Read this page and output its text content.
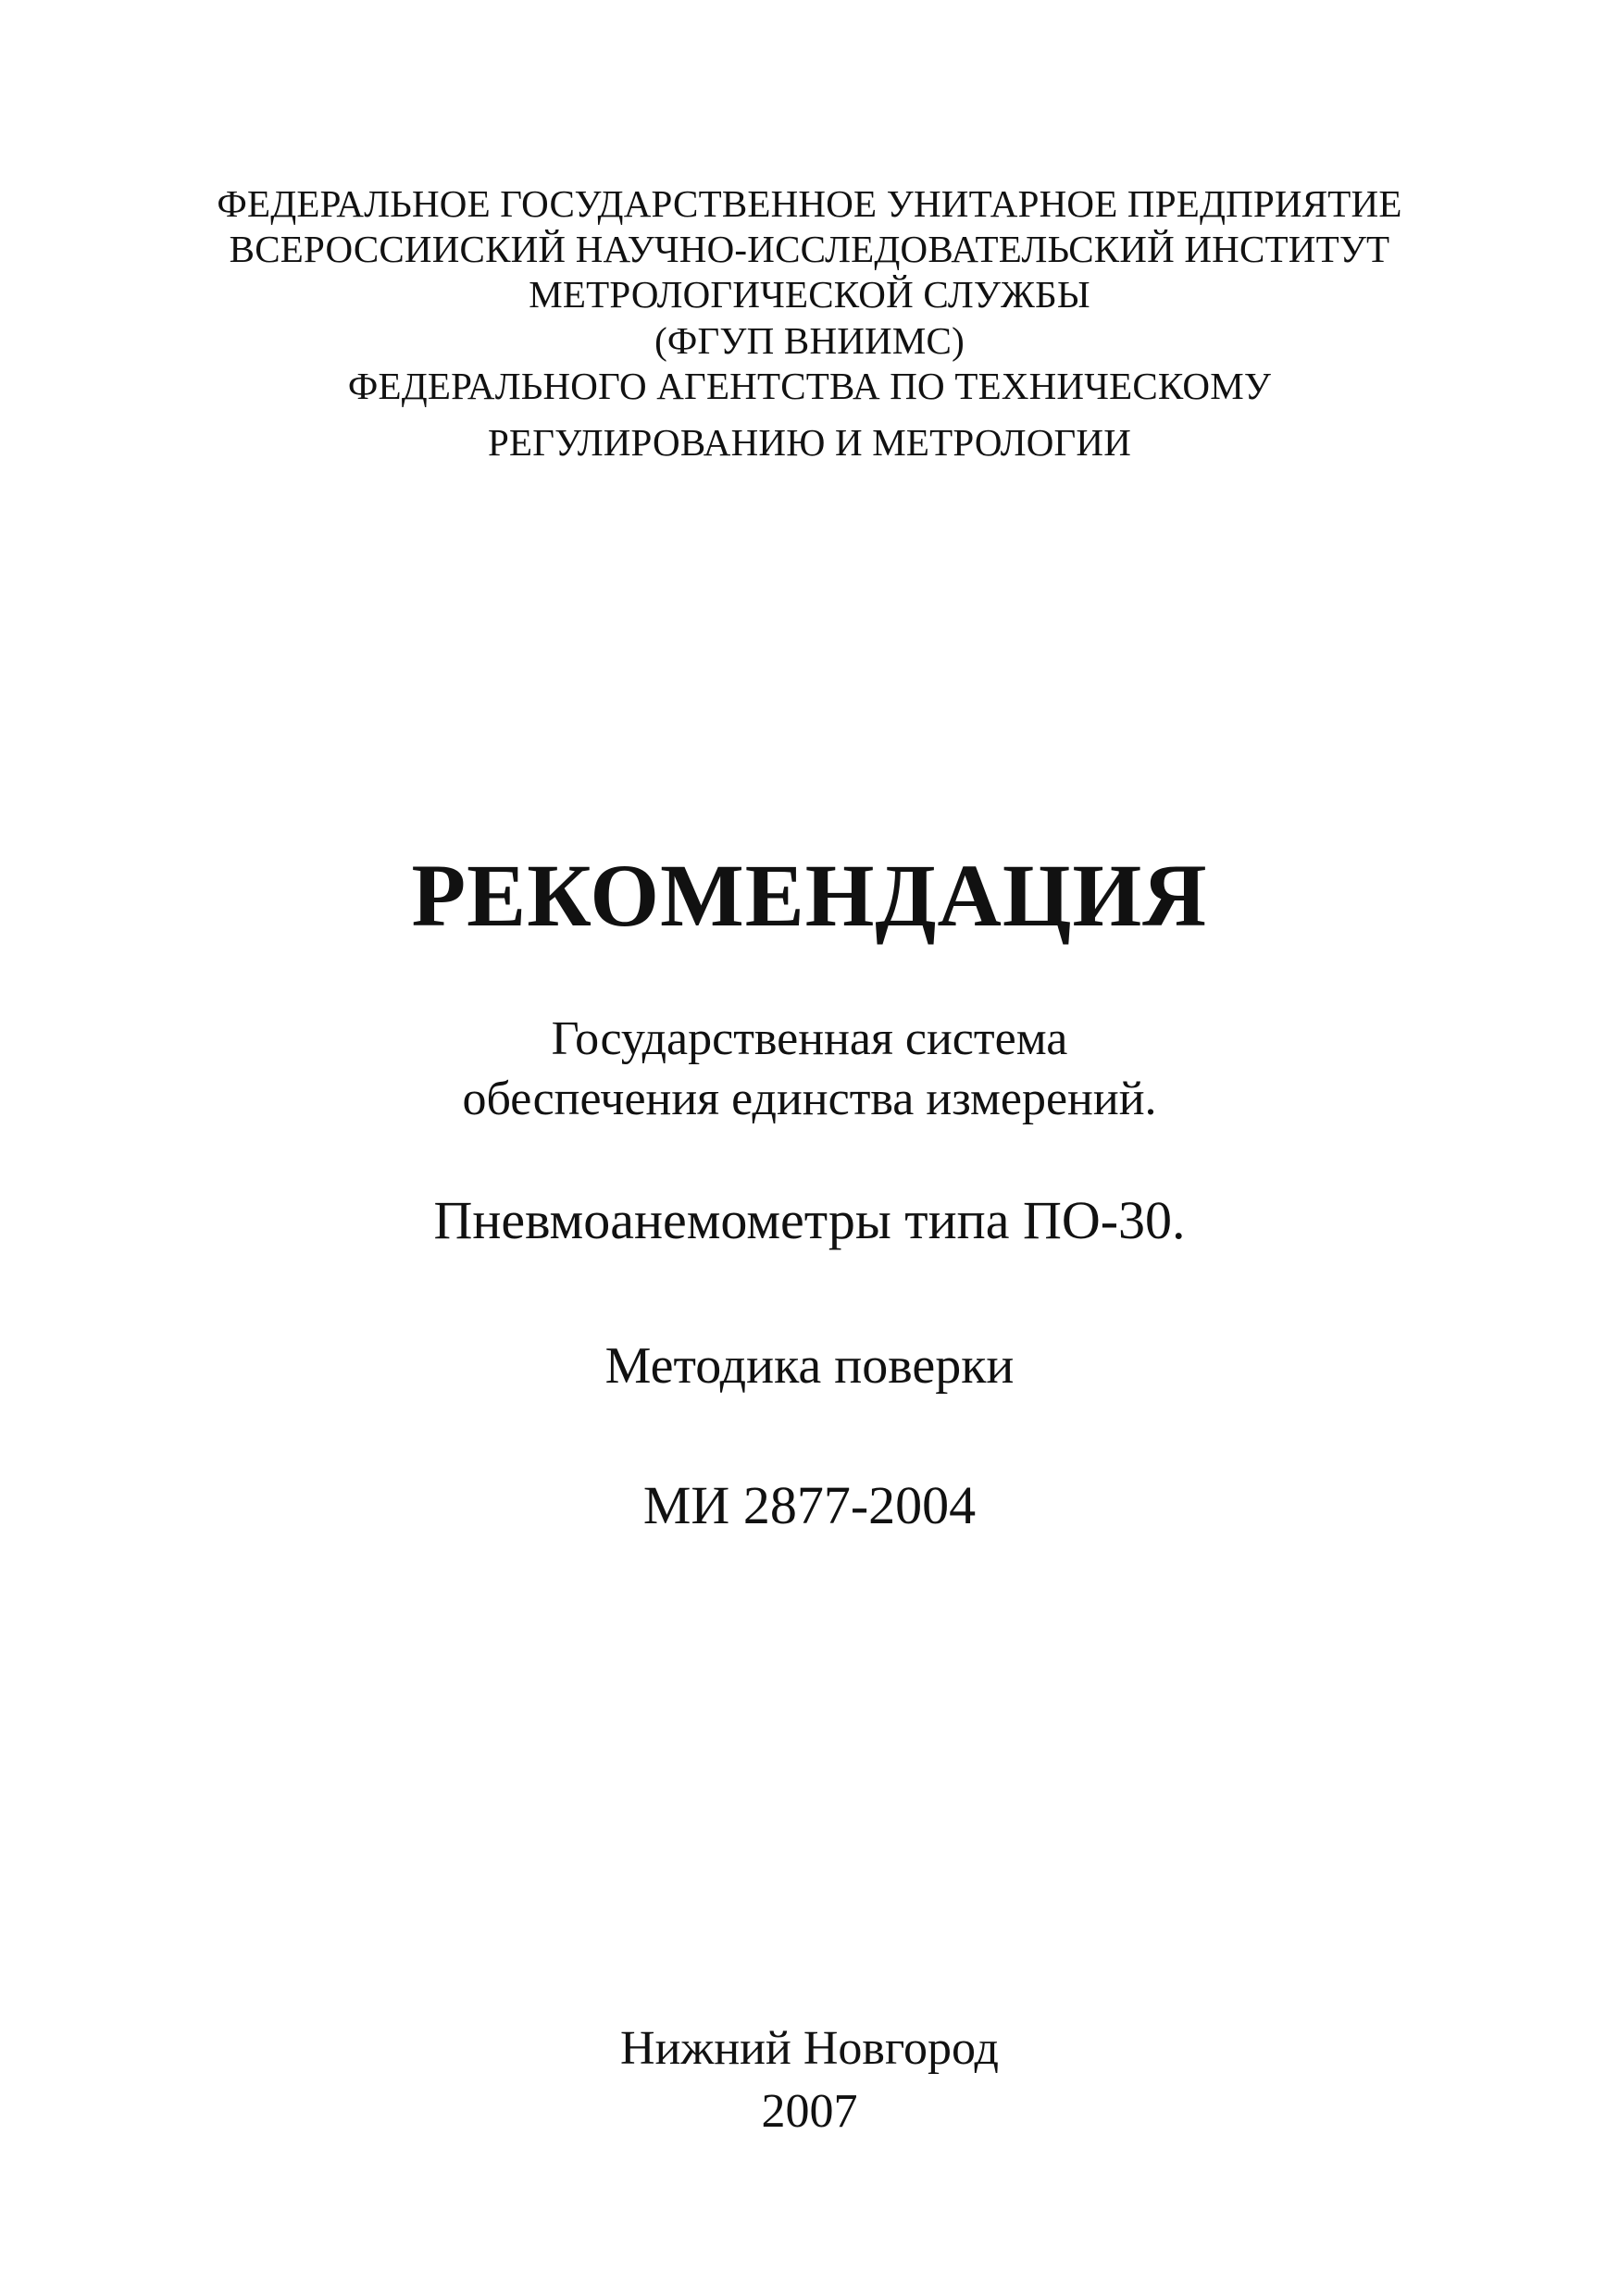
ФЕДЕРАЛЬНОЕ ГОСУДАРСТВЕННОЕ УНИТАРНОЕ ПРЕДПРИЯТИЕ
ВСЕРОССИИСКИЙ НАУЧНО-ИССЛЕДОВАТЕЛЬСКИЙ ИНСТИТУТ
МЕТРОЛОГИЧЕСКОЙ СЛУЖБЫ
(ФГУП ВНИИМС)
ФЕДЕРАЛЬНОГО АГЕНТСТВА ПО ТЕХНИЧЕСКОМУ
РЕГУЛИРОВАНИЮ И МЕТРОЛОГИИ
РЕКОМЕНДАЦИЯ
Государственная система
обеспечения единства измерений.
Пневмоанемометры типа ПО-30.
Методика поверки
МИ 2877-2004
Нижний Новгород
2007
